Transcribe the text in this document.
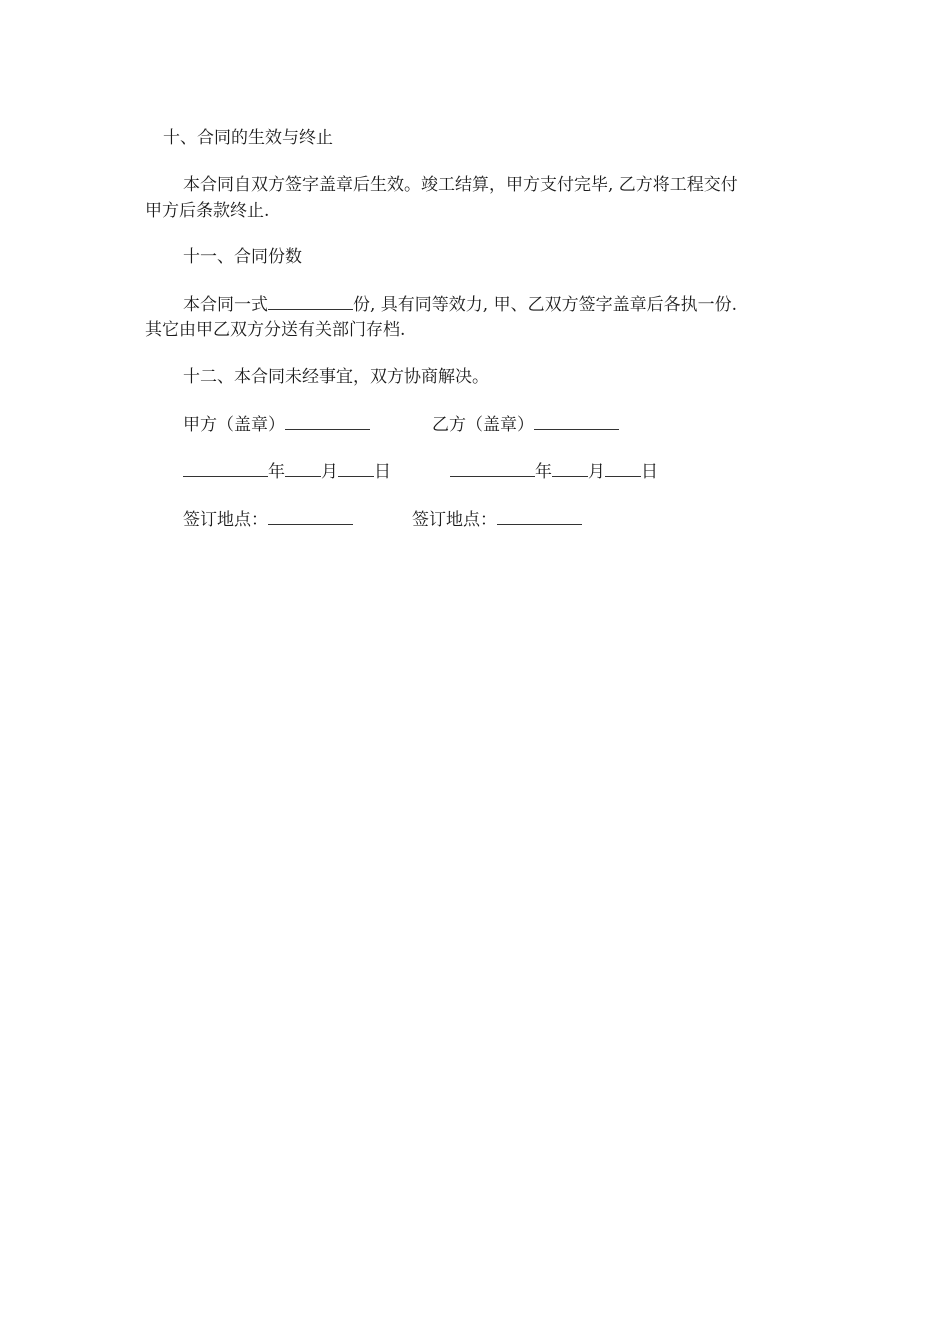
十、合同的生效与终止
本合同自双方签字盖章后生效。竣工结算，甲方支付完毕, 乙方将工程交付
甲方后条款终止.
十一、合同份数
本合同一式	份, 具有同等效力, 甲、乙双方签字盖章后各执一份.
其它由甲乙双方分送有关部门存档.
十二、本合同未经事宜，双方协商解决。
甲方（盖章）	乙方（盖章）
年 月 日	年 月 日
签订地点：	签订地点：
